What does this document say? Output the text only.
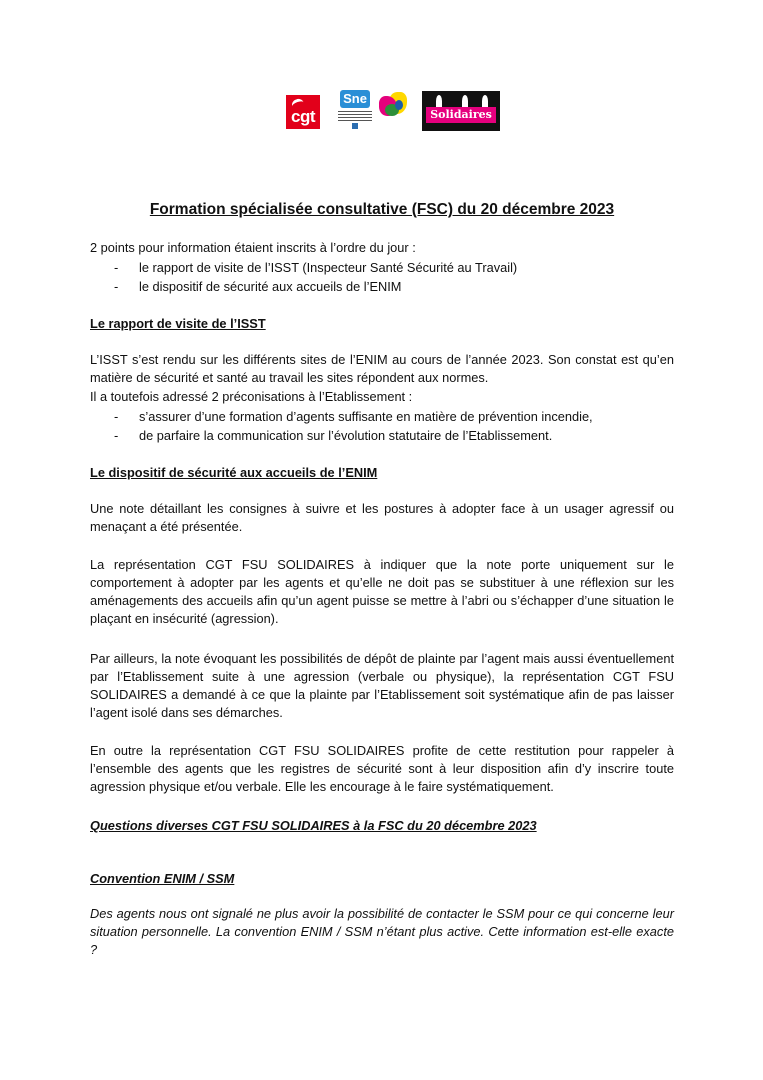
cgt
Sne
Solidaires
Formation spécialisée consultative (FSC) du 20 décembre 2023

2 points pour information étaient inscrits à l’ordre du jour :

- le rapport de visite de l’ISST (Inspecteur Santé Sécurité au Travail)
- le dispositif de sécurité aux accueils de l’ENIM

Le rapport de visite de l’ISST

L’ISST s’est rendu sur les différents sites de l’ENIM au cours de l’année 2023. Son constat est qu’en matière de sécurité et santé au travail les sites répondent aux normes.

Il a toutefois adressé 2 préconisations à l’Etablissement :

- s’assurer d’une formation d’agents suffisante en matière de prévention incendie,
- de parfaire la communication sur l’évolution statutaire de l’Etablissement.

Le dispositif de sécurité aux accueils de l’ENIM

Une note détaillant les consignes à suivre et les postures à adopter face à un usager agressif ou menaçant a été présentée.

La représentation CGT FSU SOLIDAIRES à indiquer que la note porte uniquement sur le comportement à adopter par les agents et qu’elle ne doit pas se substituer à une réflexion sur les aménagements des accueils afin qu’un agent puisse se mettre à l’abri ou s’échapper d’une situation le plaçant en insécurité (agression).

Par ailleurs, la note évoquant les possibilités de dépôt de plainte par l’agent mais aussi éventuellement par l’Etablissement suite à une agression (verbale ou physique), la représentation CGT FSU SOLIDAIRES a demandé à ce que la plainte par l’Etablissement soit systématique afin de pas laisser l’agent isolé dans ses démarches.

En outre la représentation CGT FSU SOLIDAIRES profite de cette restitution pour rappeler à l’ensemble des agents que les registres de sécurité sont à leur disposition afin d’y inscrire toute agression physique et/ou verbale. Elle les encourage à le faire systématiquement.

Questions diverses CGT FSU SOLIDAIRES à la FSC du 20 décembre 2023

Convention ENIM / SSM

Des agents nous ont signalé ne plus avoir la possibilité de contacter le SSM pour ce qui concerne leur situation personnelle. La convention ENIM / SSM n’étant plus active. Cette information est-elle exacte ?
